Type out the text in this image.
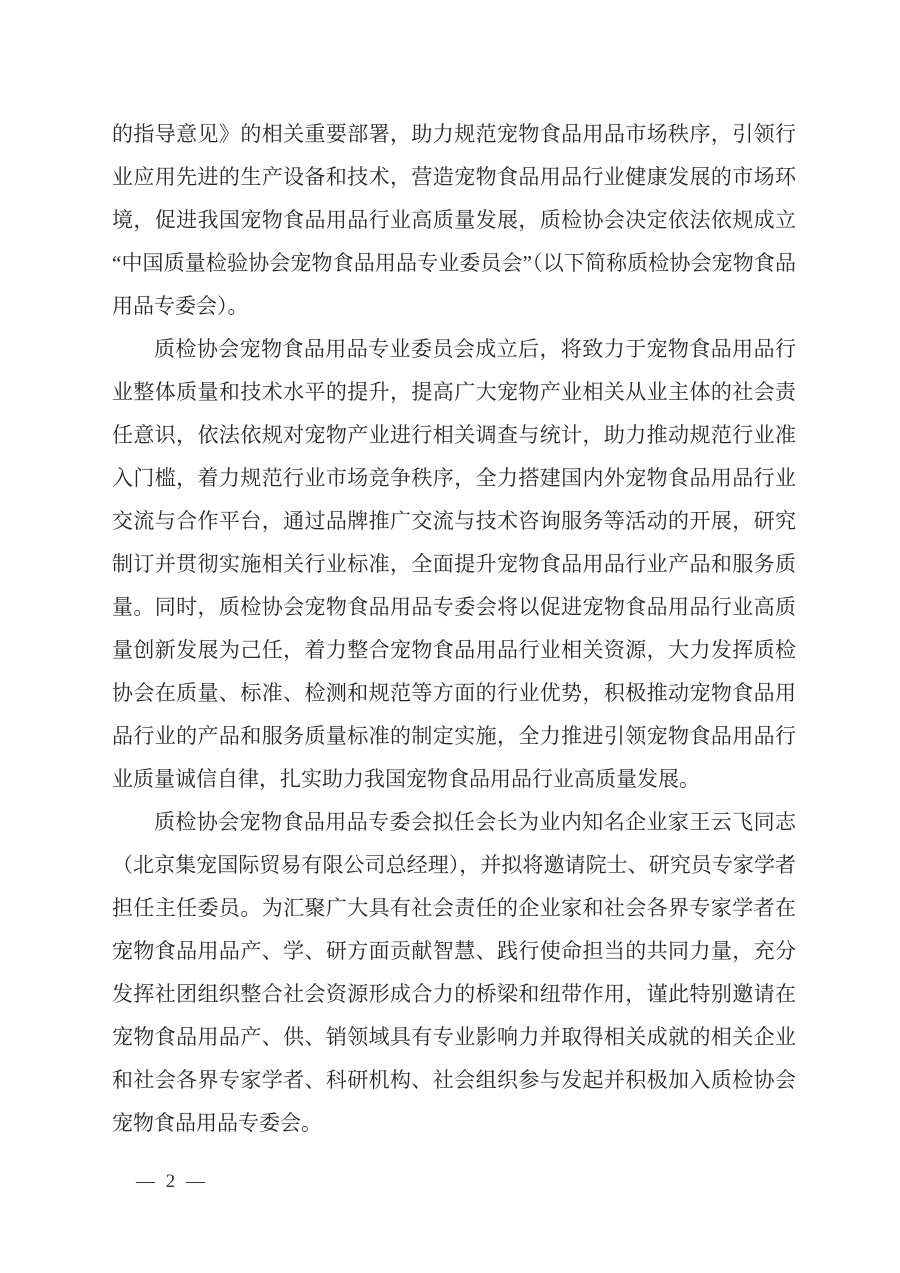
的指导意见》的相关重要部署，助力规范宠物食品用品市场秩序，引领行业应用先进的生产设备和技术，营造宠物食品用品行业健康发展的市场环境，促进我国宠物食品用品行业高质量发展，质检协会决定依法依规成立“中国质量检验协会宠物食品用品专业委员会”（以下简称质检协会宠物食品用品专委会）。

质检协会宠物食品用品专业委员会成立后，将致力于宠物食品用品行业整体质量和技术水平的提升，提高广大宠物产业相关从业主体的社会责任意识，依法依规对宠物产业进行相关调查与统计，助力推动规范行业准入门槛，着力规范行业市场竞争秩序，全力搭建国内外宠物食品用品行业交流与合作平台，通过品牌推广交流与技术咨询服务等活动的开展，研究制订并贯彻实施相关行业标准，全面提升宠物食品用品行业产品和服务质量。同时，质检协会宠物食品用品专委会将以促进宠物食品用品行业高质量创新发展为己任，着力整合宠物食品用品行业相关资源，大力发挥质检协会在质量、标准、检测和规范等方面的行业优势，积极推动宠物食品用品行业的产品和服务质量标准的制定实施，全力推进引领宠物食品用品行业质量诚信自律，扎实助力我国宠物食品用品行业高质量发展。

质检协会宠物食品用品专委会拟任会长为业内知名企业家王云飞同志（北京集宠国际贸易有限公司总经理），并拟将邀请院士、研究员专家学者担任主任委员。为汇聚广大具有社会责任的企业家和社会各界专家学者在宠物食品用品产、学、研方面贡献智慧、践行使命担当的共同力量，充分发挥社团组织整合社会资源形成合力的桥梁和纽带作用，谨此特别邀请在宠物食品用品产、供、销领域具有专业影响力并取得相关成就的相关企业和社会各界专家学者、科研机构、社会组织参与发起并积极加入质检协会宠物食品用品专委会。

— 2 —
